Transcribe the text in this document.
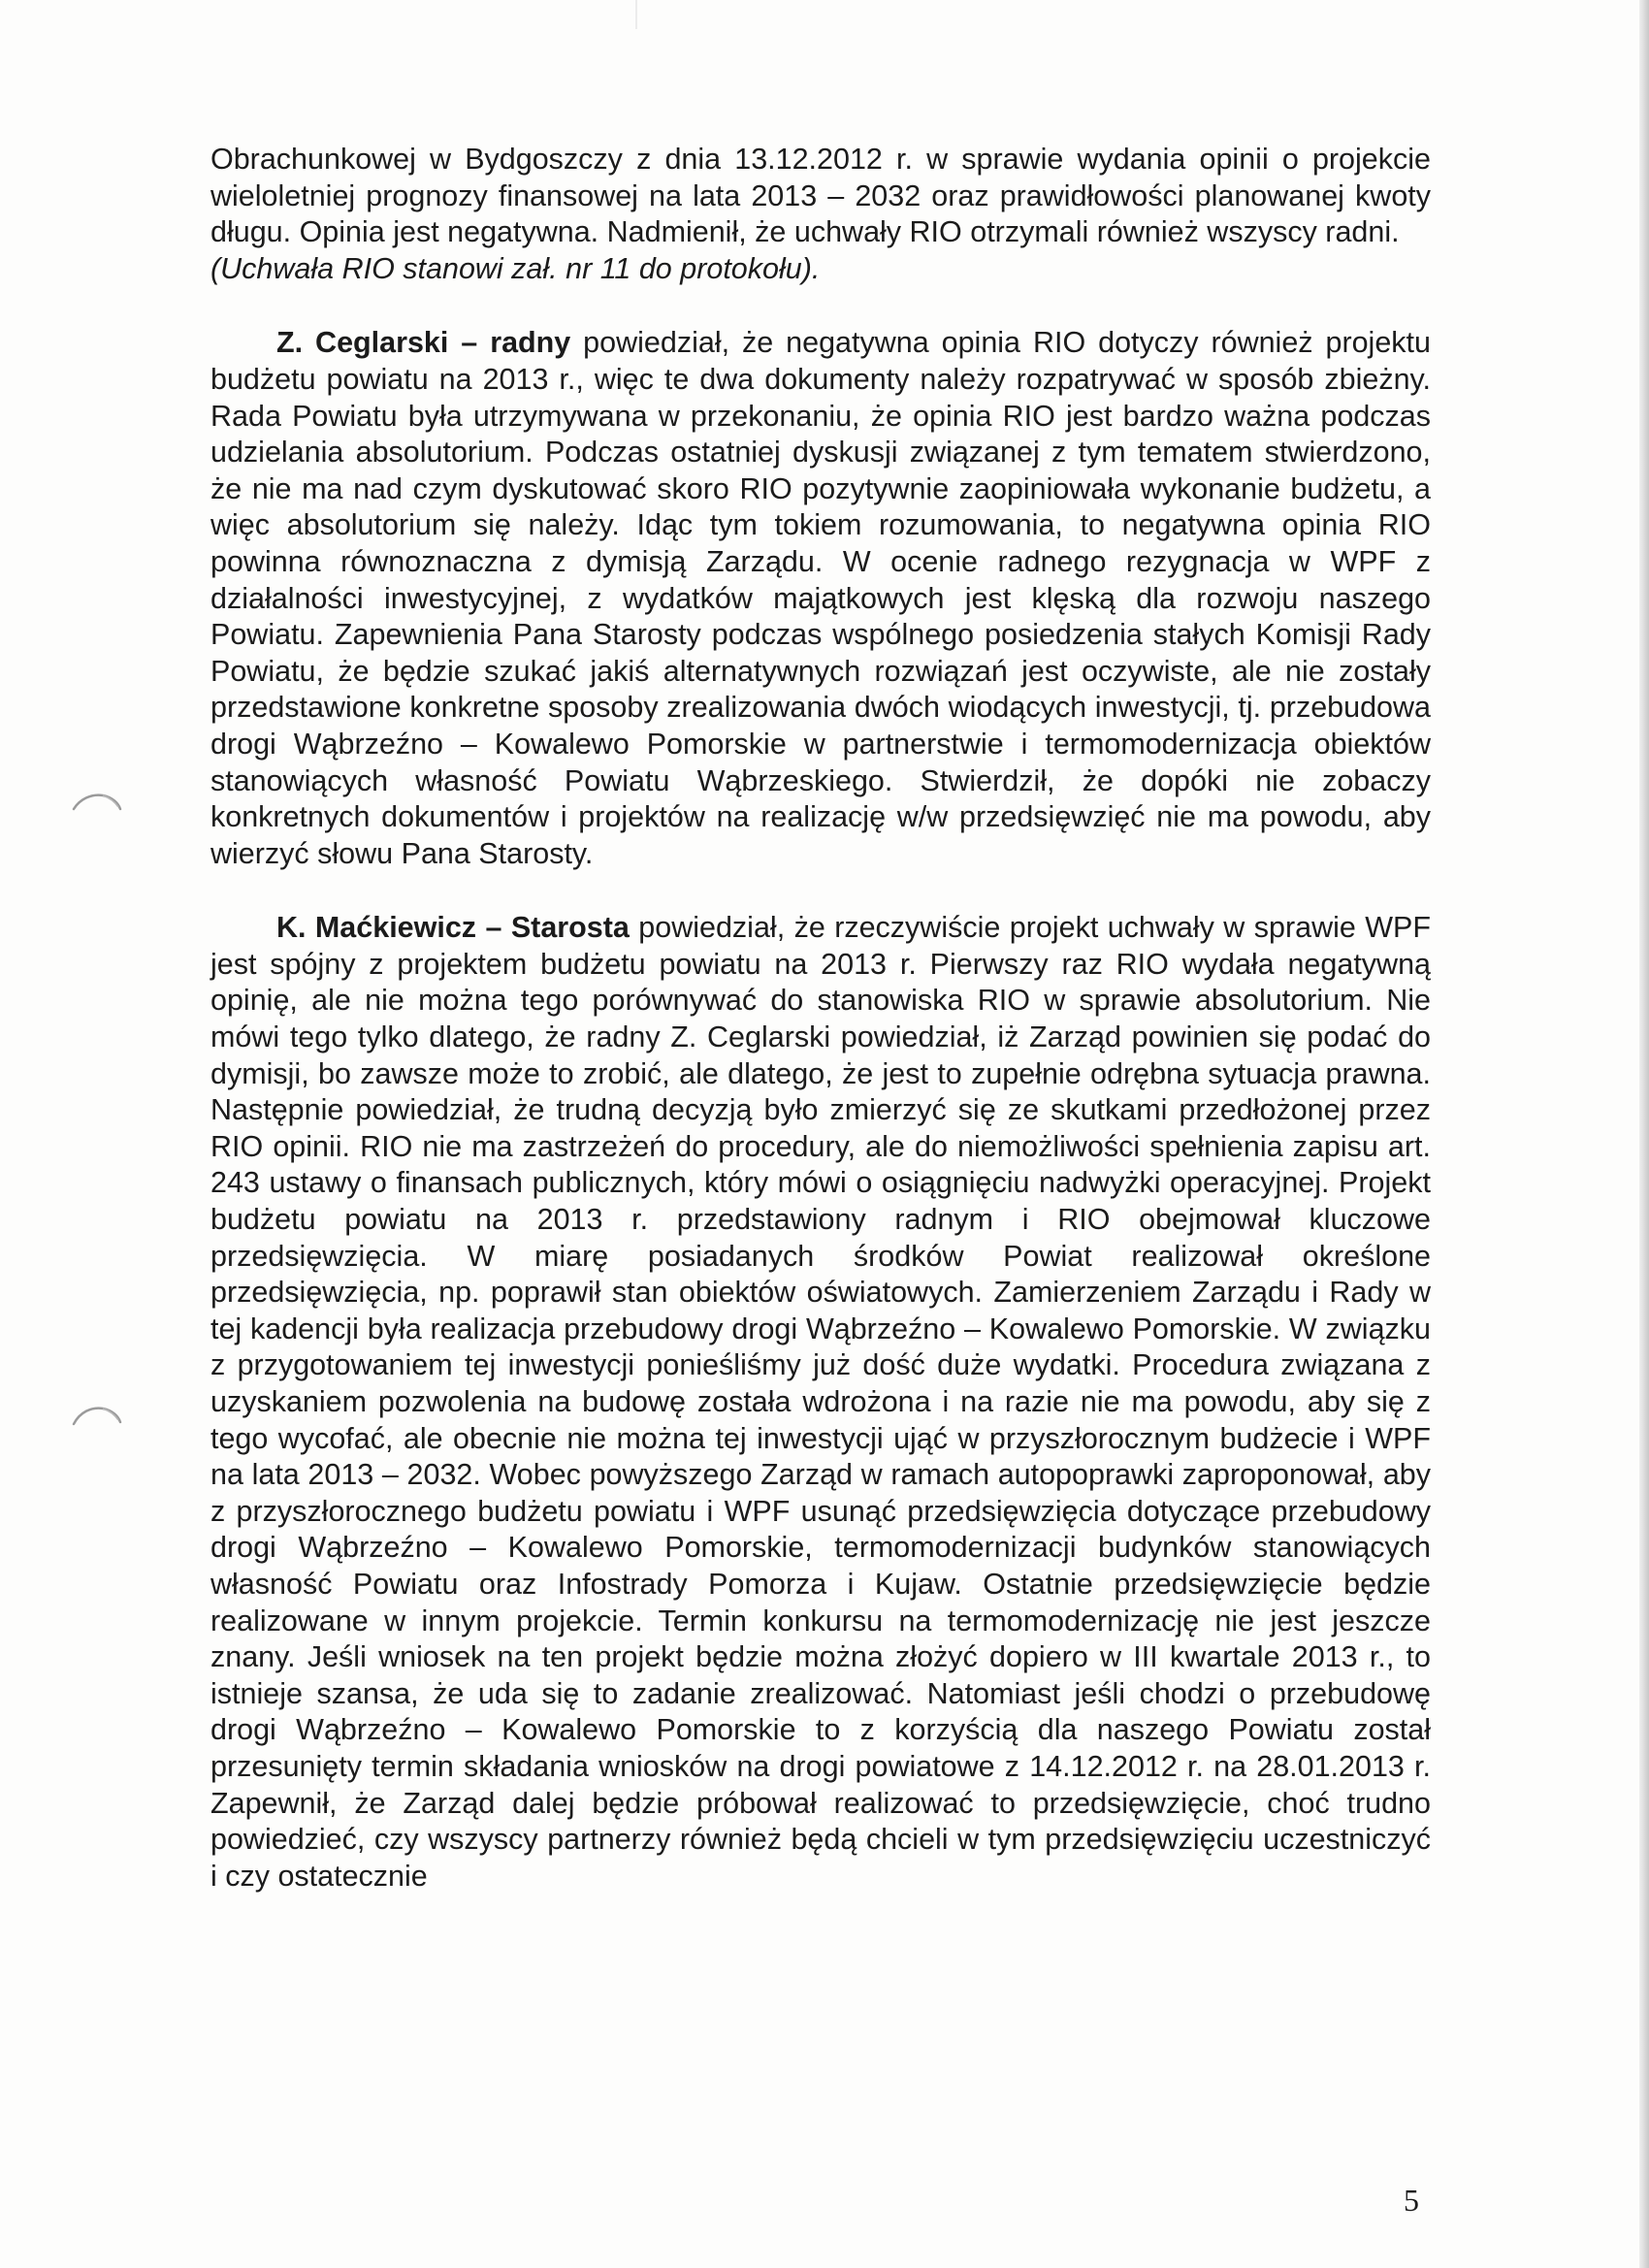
Obrachunkowej w Bydgoszczy z dnia 13.12.2012 r. w sprawie wydania opinii o projekcie wieloletniej prognozy finansowej na lata 2013 – 2032 oraz prawidłowości planowanej kwoty długu. Opinia jest negatywna. Nadmienił, że uchwały RIO otrzymali również wszyscy radni.
(Uchwała RIO stanowi zał. nr 11 do protokołu).

Z. Ceglarski – radny powiedział, że negatywna opinia RIO dotyczy również projektu budżetu powiatu na 2013 r., więc te dwa dokumenty należy rozpatrywać w sposób zbieżny. Rada Powiatu była utrzymywana w przekonaniu, że opinia RIO jest bardzo ważna podczas udzielania absolutorium. Podczas ostatniej dyskusji związanej z tym tematem stwierdzono, że nie ma nad czym dyskutować skoro RIO pozytywnie zaopiniowała wykonanie budżetu, a więc absolutorium się należy. Idąc tym tokiem rozumowania, to negatywna opinia RIO powinna równoznaczna z dymisją Zarządu. W ocenie radnego rezygnacja w WPF z działalności inwestycyjnej, z wydatków majątkowych jest klęską dla rozwoju naszego Powiatu. Zapewnienia Pana Starosty podczas wspólnego posiedzenia stałych Komisji Rady Powiatu, że będzie szukać jakiś alternatywnych rozwiązań jest oczywiste, ale nie zostały przedstawione konkretne sposoby zrealizowania dwóch wiodących inwestycji, tj. przebudowa drogi Wąbrzeźno – Kowalewo Pomorskie w partnerstwie i termomodernizacja obiektów stanowiących własność Powiatu Wąbrzeskiego. Stwierdził, że dopóki nie zobaczy konkretnych dokumentów i projektów na realizację w/w przedsięwzięć nie ma powodu, aby wierzyć słowu Pana Starosty.

K. Maćkiewicz – Starosta powiedział, że rzeczywiście projekt uchwały w sprawie WPF jest spójny z projektem budżetu powiatu na 2013 r. Pierwszy raz RIO wydała negatywną opinię, ale nie można tego porównywać do stanowiska RIO w sprawie absolutorium. Nie mówi tego tylko dlatego, że radny Z. Ceglarski powiedział, iż Zarząd powinien się podać do dymisji, bo zawsze może to zrobić, ale dlatego, że jest to zupełnie odrębna sytuacja prawna. Następnie powiedział, że trudną decyzją było zmierzyć się ze skutkami przedłożonej przez RIO opinii. RIO nie ma zastrzeżeń do procedury, ale do niemożliwości spełnienia zapisu art. 243 ustawy o finansach publicznych, który mówi o osiągnięciu nadwyżki operacyjnej. Projekt budżetu powiatu na 2013 r. przedstawiony radnym i RIO obejmował kluczowe przedsięwzięcia. W miarę posiadanych środków Powiat realizował określone przedsięwzięcia, np. poprawił stan obiektów oświatowych. Zamierzeniem Zarządu i Rady w tej kadencji była realizacja przebudowy drogi Wąbrzeźno – Kowalewo Pomorskie. W związku z przygotowaniem tej inwestycji ponieśliśmy już dość duże wydatki. Procedura związana z uzyskaniem pozwolenia na budowę została wdrożona i na razie nie ma powodu, aby się z tego wycofać, ale obecnie nie można tej inwestycji ująć w przyszłorocznym budżecie i WPF na lata 2013 – 2032. Wobec powyższego Zarząd w ramach autopoprawki zaproponował, aby z przyszłorocznego budżetu powiatu i WPF usunąć przedsięwzięcia dotyczące przebudowy drogi Wąbrzeźno – Kowalewo Pomorskie, termomodernizacji budynków stanowiących własność Powiatu oraz Infostrady Pomorza i Kujaw. Ostatnie przedsięwzięcie będzie realizowane w innym projekcie. Termin konkursu na termomodernizację nie jest jeszcze znany. Jeśli wniosek na ten projekt będzie można złożyć dopiero w III kwartale 2013 r., to istnieje szansa, że uda się to zadanie zrealizować. Natomiast jeśli chodzi o przebudowę drogi Wąbrzeźno – Kowalewo Pomorskie to z korzyścią dla naszego Powiatu został przesunięty termin składania wniosków na drogi powiatowe z 14.12.2012 r. na 28.01.2013 r. Zapewnił, że Zarząd dalej będzie próbował realizować to przedsięwzięcie, choć trudno powiedzieć, czy wszyscy partnerzy również będą chcieli w tym przedsięwzięciu uczestniczyć i czy ostatecznie

5
